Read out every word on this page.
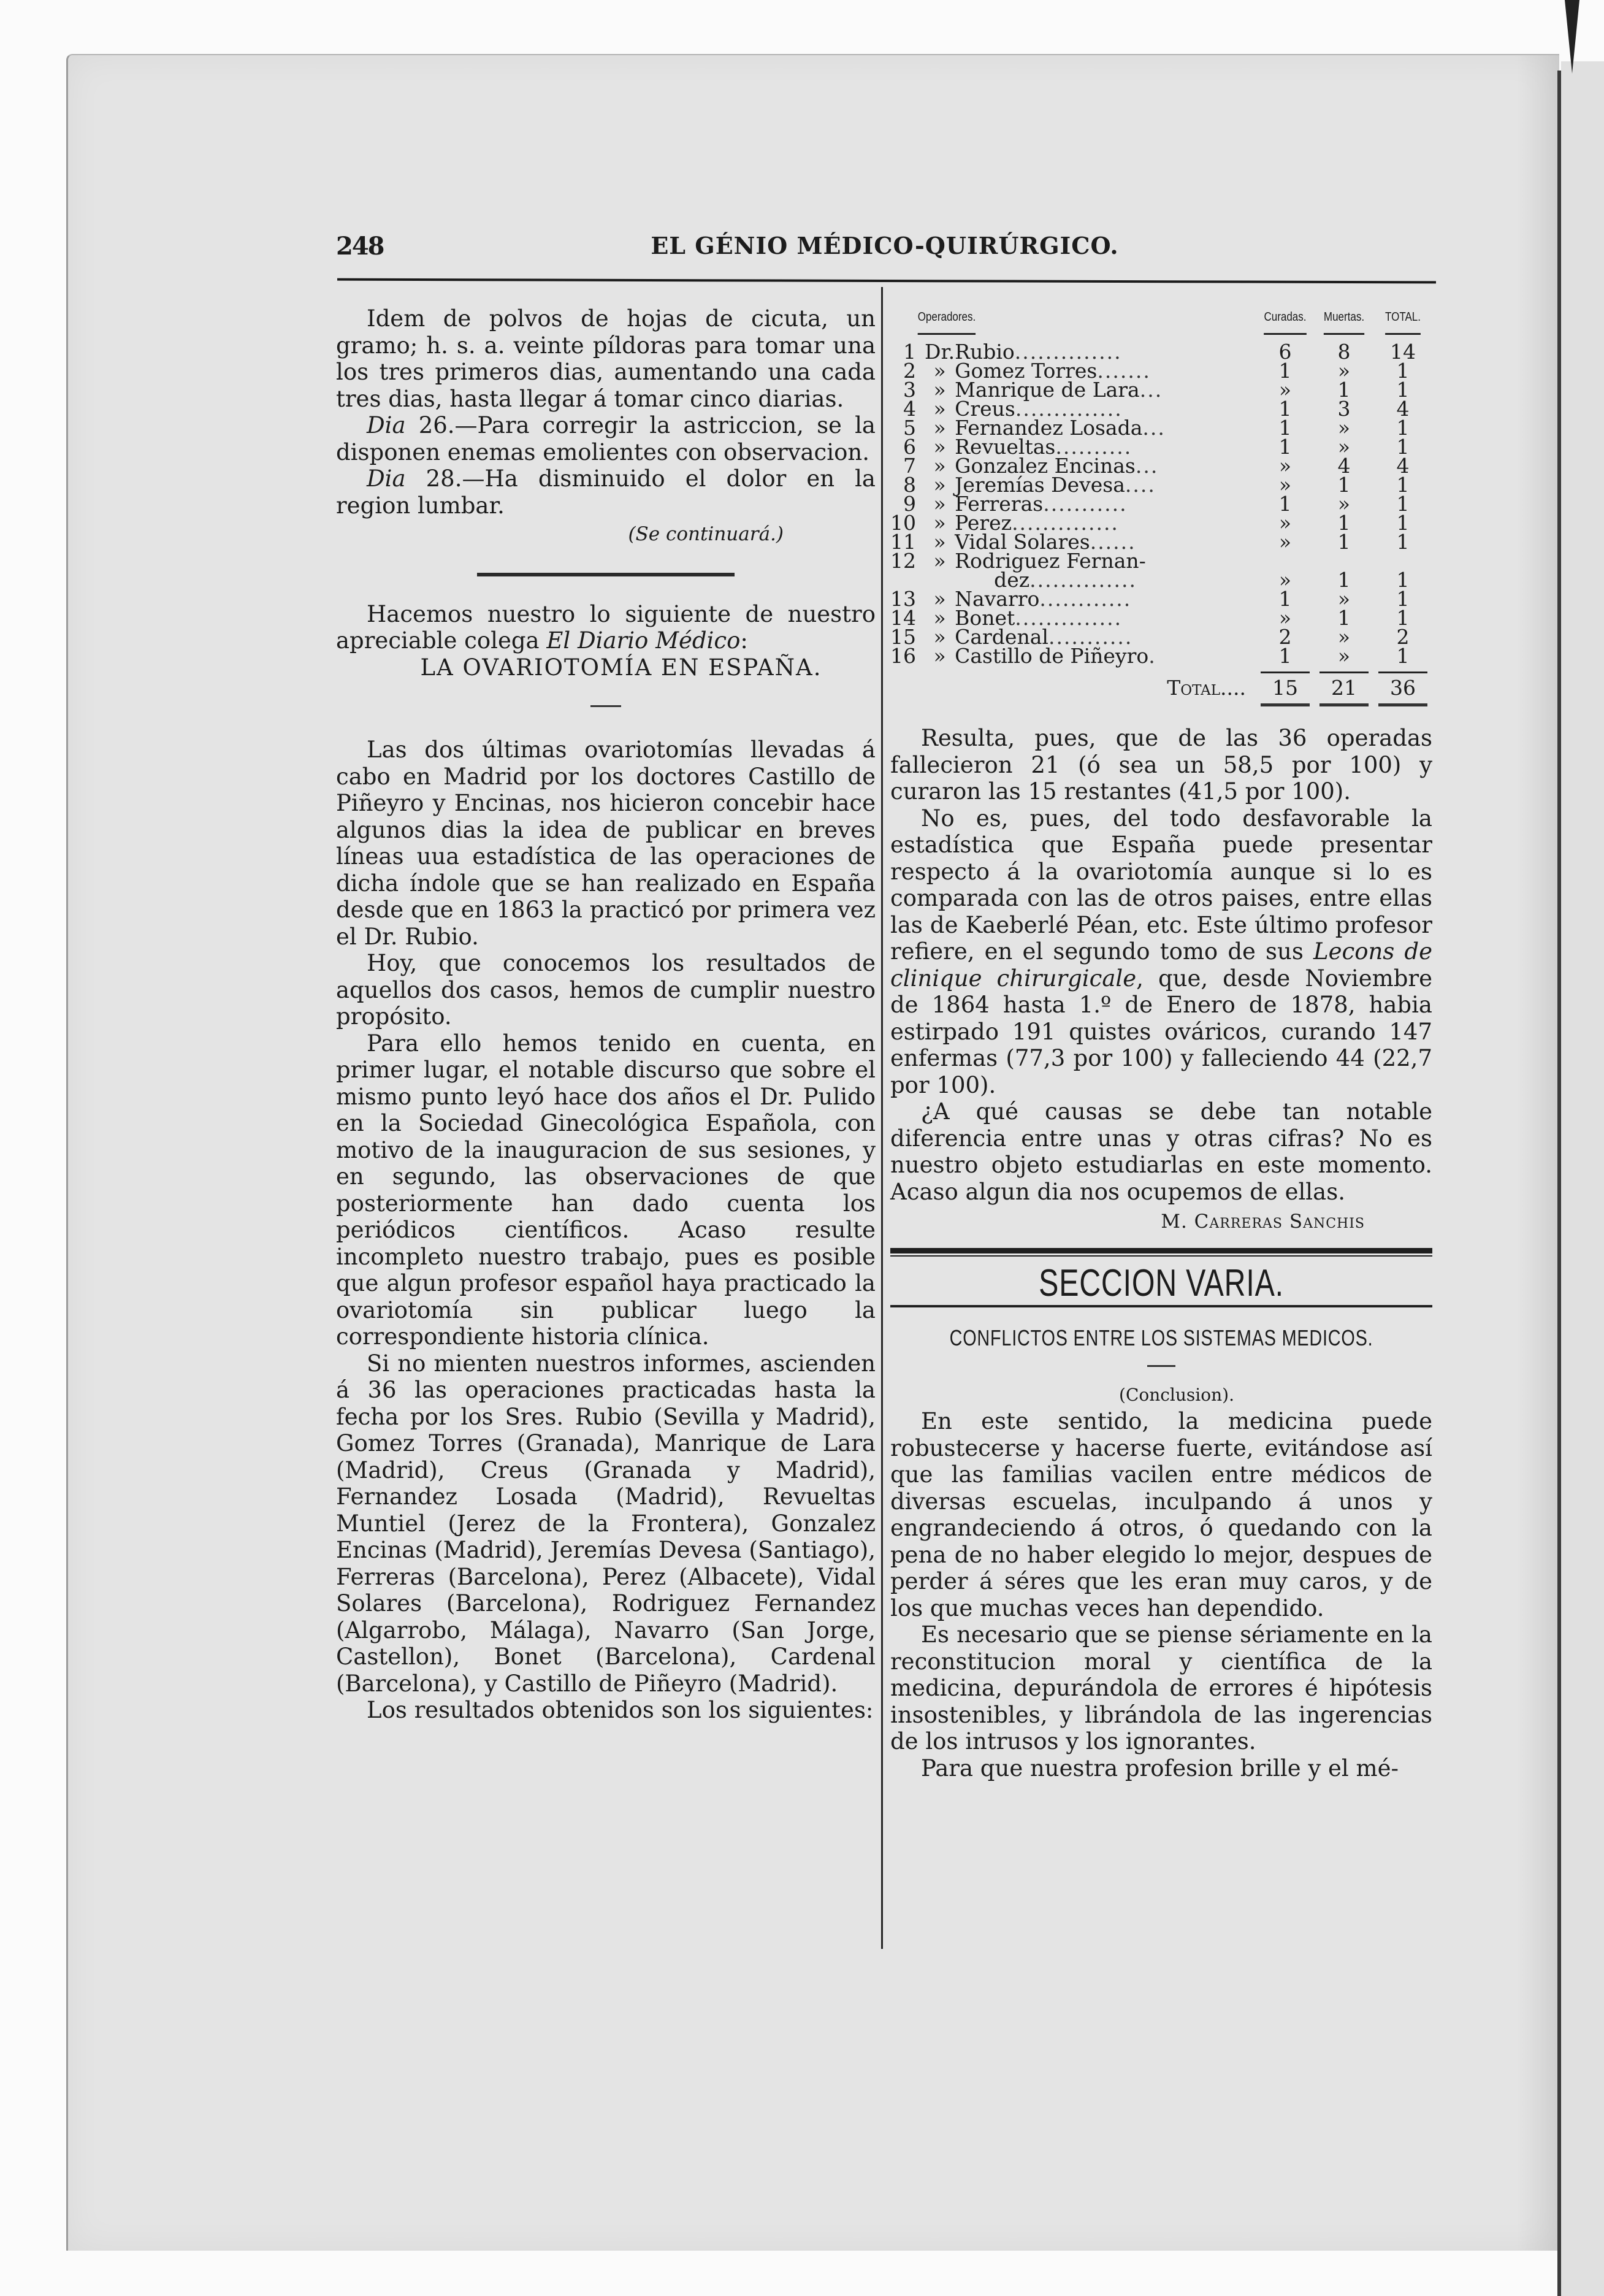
EL GÉNIO MÉDICO-QUIRÚRGICO.
248

Idem de polvos de hojas de cicuta, un gramo; h. s. a. veinte píldoras para tomar una los tres primeros dias, aumentando una cada tres dias, hasta llegar á tomar cinco diarias.

Dia 26.—Para corregir la astriccion, se la disponen enemas emolientes con observacion.

Dia 28.—Ha disminuido el dolor en la region lumbar.

(Se continuará.)

Hacemos nuestro lo siguiente de nuestro apreciable colega El Diario Médico:

LA OVARIOTOMÍA EN ESPAÑA.

Las dos últimas ovariotomías llevadas á cabo en Madrid por los doctores Castillo de Piñeyro y Encinas, nos hicieron concebir hace algunos dias la idea de publicar en breves líneas uua estadística de las operaciones de dicha índole que se han realizado en España desde que en 1863 la practicó por primera vez el Dr. Rubio.

Hoy, que conocemos los resultados de aquellos dos casos, hemos de cumplir nuestro propósito.

Para ello hemos tenido en cuenta, en primer lugar, el notable discurso que sobre el mismo punto leyó hace dos años el Dr. Pulido en la Sociedad Ginecológica Española, con motivo de la inauguracion de sus sesiones, y en segundo, las observaciones de que posteriormente han dado cuenta los periódicos científicos. Acaso resulte incompleto nuestro trabajo, pues es posible que algun profesor español haya practicado la ovariotomía sin publicar luego la correspondiente historia clínica.

Si no mienten nuestros informes, ascienden á 36 las operaciones practicadas hasta la fecha por los Sres. Rubio (Sevilla y Madrid), Gomez Torres (Granada), Manrique de Lara (Madrid), Creus (Granada y Madrid), Fernandez Losada (Madrid), Revueltas Muntiel (Jerez de la Frontera), Gonzalez Encinas (Madrid), Jeremías Devesa (Santiago), Ferreras (Barcelona), Perez (Albacete), Vidal Solares (Barcelona), Rodriguez Fernandez (Algarrobo, Málaga), Navarro (San Jorge, Castellon), Bonet (Barcelona), Cardenal (Barcelona), y Castillo de Piñeyro (Madrid).

Los resultados obtenidos son los siguientes:

Operadores.			Curadas.	Muertas.	TOTAL.
1	Dr.	Rubio..............	6	8	14
2	»	Gomez Torres.......	1	»	1
3	»	Manrique de Lara...	»	1	1
4	»	Creus..............	1	3	4
5	»	Fernandez Losada...	1	»	1
6	»	Revueltas..........	1	»	1
7	»	Gonzalez Encinas...	»	4	4
8	»	Jeremías Devesa....	»	1	1
9	»	Ferreras...........	1	»	1
10	»	Perez..............	»	1	1
11	»	Vidal Solares......	»	1	1
12	»	Rodriguez Fernan-			
		dez..............	»	1	1
13	»	Navarro............	1	»	1
14	»	Bonet..............	»	1	1
15	»	Cardenal...........	2	»	2
16	»	Castillo de Piñeyro.	1	»	1

Total....			15	21	36

Resulta, pues, que de las 36 operadas fallecieron 21 (ó sea un 58,5 por 100) y curaron las 15 restantes (41,5 por 100).

No es, pues, del todo desfavorable la estadística que España puede presentar respecto á la ovariotomía aunque si lo es comparada con las de otros paises, entre ellas las de Kaeberlé Péan, etc. Este último profesor refiere, en el segundo tomo de sus Lecons de clinique chirurgicale, que, desde Noviembre de 1864 hasta 1.º de Enero de 1878, habia estirpado 191 quistes ováricos, curando 147 enfermas (77,3 por 100) y falleciendo 44 (22,7 por 100).

¿A qué causas se debe tan notable diferencia entre unas y otras cifras? No es nuestro objeto estudiarlas en este momento. Acaso algun dia nos ocupemos de ellas.

M. Carreras Sanchis

SECCION VARIA.
CONFLICTOS ENTRE LOS SISTEMAS MEDICOS.

(Conclusion).

En este sentido, la medicina puede robustecerse y hacerse fuerte, evitándose así que las familias vacilen entre médicos de diversas escuelas, inculpando á unos y engrandeciendo á otros, ó quedando con la pena de no haber elegido lo mejor, despues de perder á séres que les eran muy caros, y de los que muchas veces han dependido.

Es necesario que se piense sériamente en la reconstitucion moral y científica de la medicina, depurándola de errores é hipótesis insostenibles, y librándola de las ingerencias de los intrusos y los ignorantes.

Para que nuestra profesion brille y el mé-
